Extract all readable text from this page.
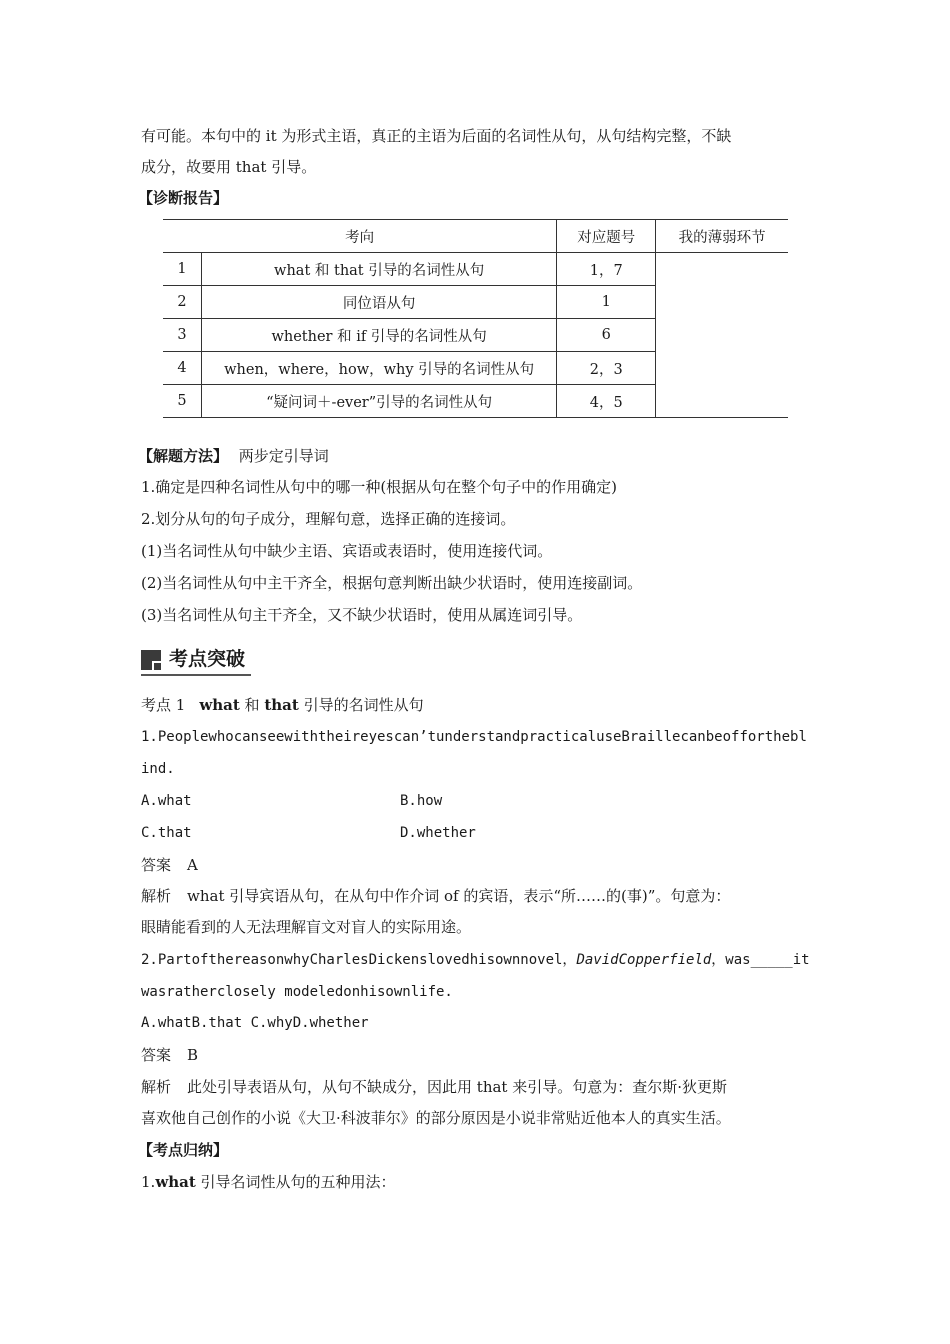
有可能。本句中的 it 为形式主语，真正的主语为后面的名词性从句，从句结构完整，不缺
成分，故要用 that 引导。
【诊断报告】
考向		对应题号	我的薄弱环节
1	what 和 that 引导的名词性从句	1，7	
2	同位语从句	1	
3	whether 和 if 引导的名词性从句	6	
4	when，where，how，why 引导的名词性从句	2，3	
5	“疑问词＋-ever”引导的名词性从句	4，5	
【解题方法】 两步定引导词
1.确定是四种名词性从句中的哪一种(根据从句在整个句子中的作用确定)
2.划分从句的句子成分，理解句意，选择正确的连接词。
(1)当名词性从句中缺少主语、宾语或表语时，使用连接代词。
(2)当名词性从句中主干齐全，根据句意判断出缺少状语时，使用连接副词。
(3)当名词性从句主干齐全，又不缺少状语时，使用从属连词引导。
考点突破
考点 1 what 和 that 引导的名词性从句
1.Peoplewhocanseewiththeireyescan’tunderstandpracticaluseBraillecanbeofforthebl
ind.
A.what	B.how
C.that	D.whether
答案 A
解析 what 引导宾语从句，在从句中作介词 of 的宾语，表示“所……的(事)”。句意为：
眼睛能看到的人无法理解盲文对盲人的实际用途。
2.PartofthereasonwhyCharlesDickenslovedhisownnovel，DavidCopperfield，was_____it
wasratherclosely modeledonhisownlife.
A.whatB.that C.whyD.whether
答案 B
解析 此处引导表语从句，从句不缺成分，因此用 that 来引导。句意为：查尔斯·狄更斯
喜欢他自己创作的小说《大卫·科波菲尔》的部分原因是小说非常贴近他本人的真实生活。
【考点归纳】
1.what 引导名词性从句的五种用法：
